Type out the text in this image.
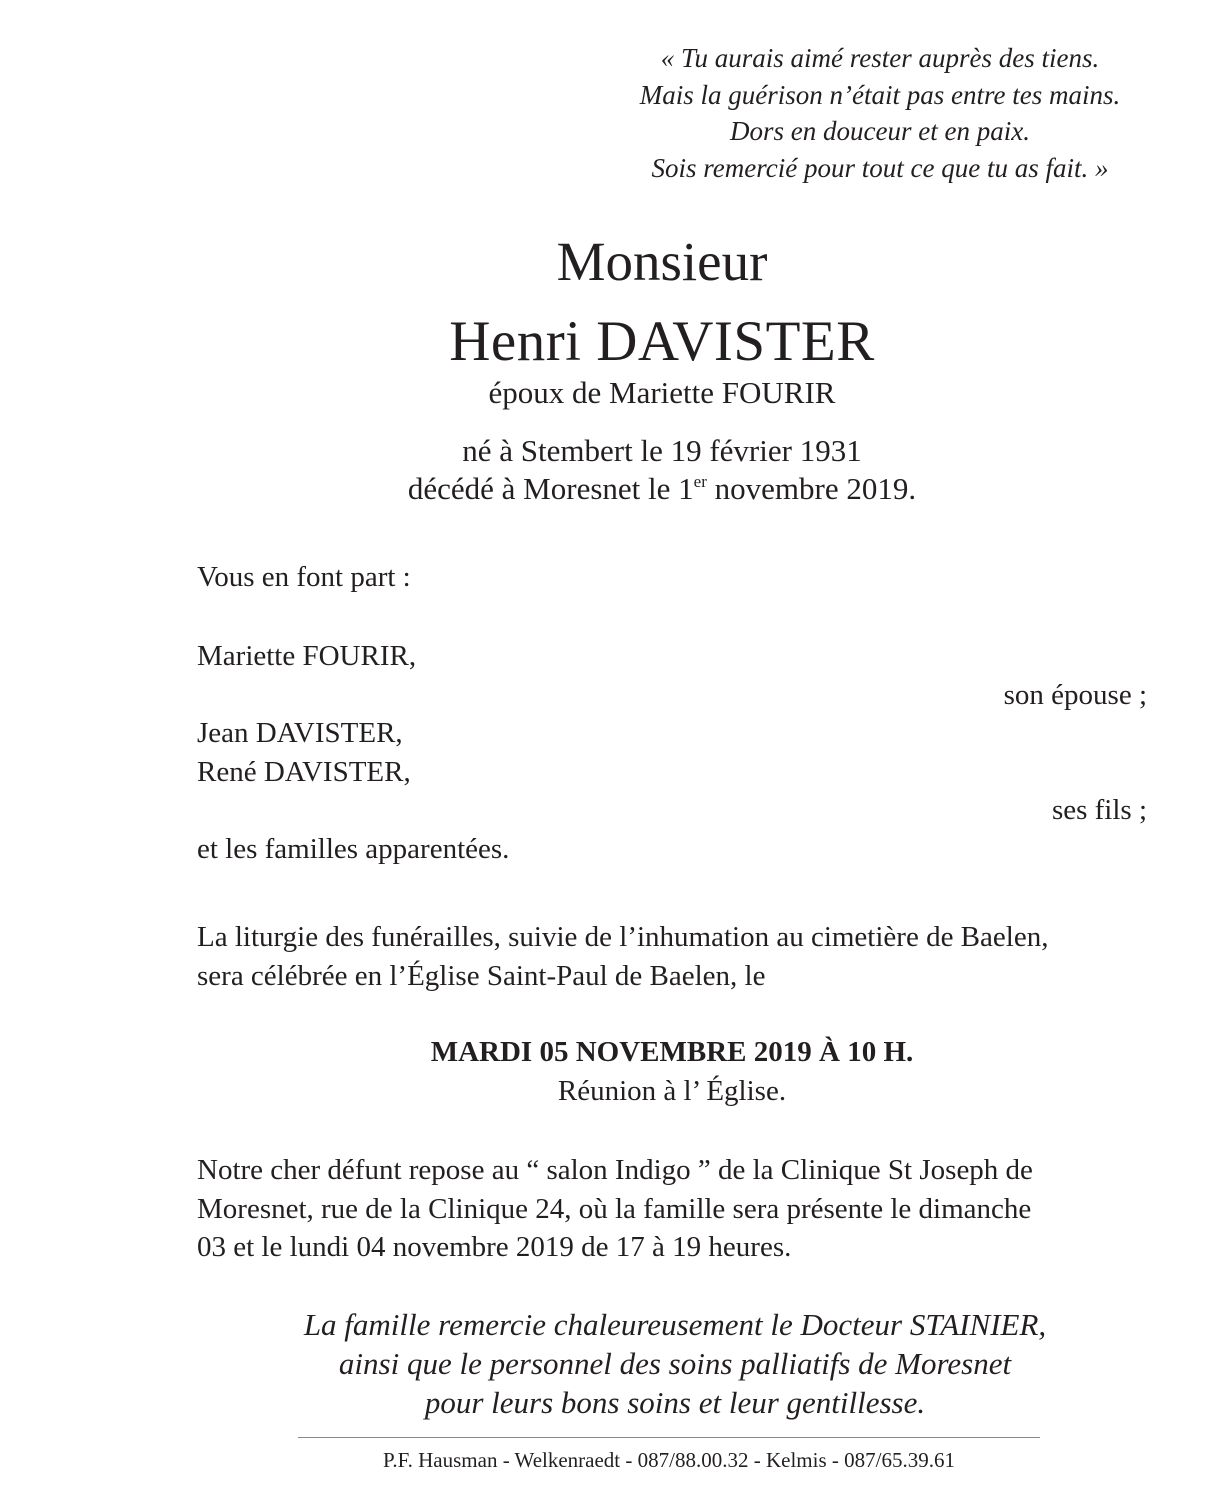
« Tu aurais aimé rester auprès des tiens.
Mais la guérison n’était pas entre tes mains.
Dors en douceur et en paix.
Sois remercié pour tout ce que tu as fait. »
Monsieur
Henri DAVISTER
époux de Mariette FOURIR
né à Stembert le 19 février 1931
décédé à Moresnet le 1er novembre 2019.
Vous en font part :
Mariette FOURIR,
son épouse ;
Jean DAVISTER,
René DAVISTER,
ses fils ;
et les familles apparentées.
La liturgie des funérailles, suivie de l’inhumation au cimetière de Baelen,
sera célébrée en l’Église Saint-Paul de Baelen, le
MARDI 05 NOVEMBRE 2019 À 10 H.
Réunion à l’ Église.
Notre cher défunt repose au “ salon Indigo ” de la Clinique St Joseph de
Moresnet, rue de la Clinique 24, où la famille sera présente le dimanche
03 et le lundi 04 novembre 2019 de 17 à 19 heures.
La famille remercie chaleureusement le Docteur STAINIER,
ainsi que le personnel des soins palliatifs de Moresnet
pour leurs bons soins et leur gentillesse.
P.F. Hausman - Welkenraedt - 087/88.00.32 - Kelmis - 087/65.39.61
